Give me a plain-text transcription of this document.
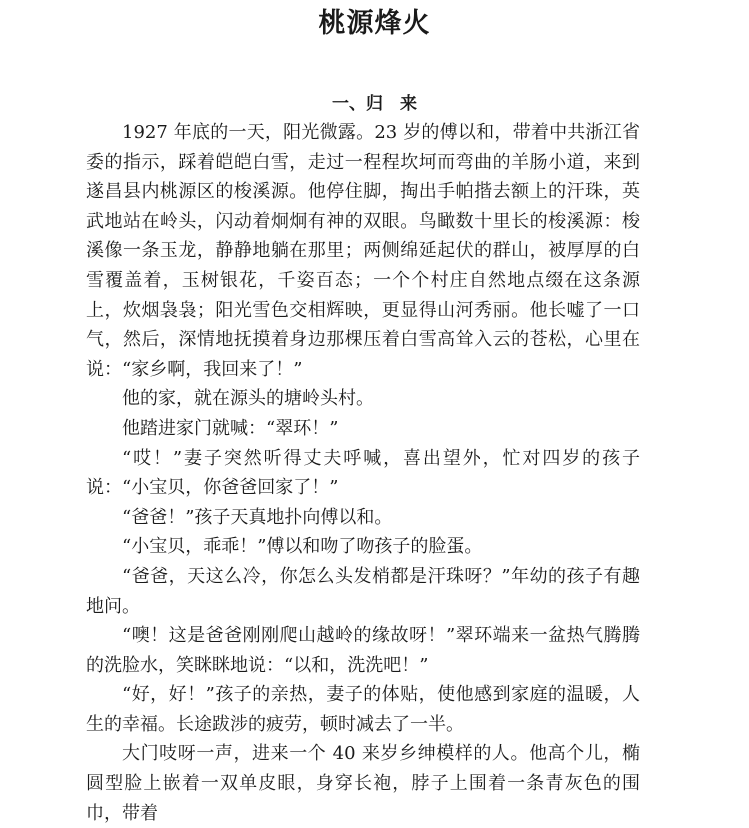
桃源烽火
一、归　来

1927 年底的一天，阳光微露。23 岁的傅以和，带着中共浙江省委的指示，踩着皑皑白雪，走过一程程坎坷而弯曲的羊肠小道，来到遂昌县内桃源区的梭溪源。他停住脚，掏出手帕揩去额上的汗珠，英武地站在岭头，闪动着炯炯有神的双眼。鸟瞰数十里长的梭溪源：梭溪像一条玉龙，静静地躺在那里；两侧绵延起伏的群山，被厚厚的白雪覆盖着，玉树银花，千姿百态；一个个村庄自然地点缀在这条源上，炊烟袅袅；阳光雪色交相辉映，更显得山河秀丽。他长嘘了一口气，然后，深情地抚摸着身边那棵压着白雪高耸入云的苍松，心里在说：“家乡啊，我回来了！”

他的家，就在源头的塘岭头村。

他踏进家门就喊：“翠环！”

“哎！”妻子突然听得丈夫呼喊，喜出望外，忙对四岁的孩子说：“小宝贝，你爸爸回家了！”

“爸爸！”孩子天真地扑向傅以和。

“小宝贝，乖乖！”傅以和吻了吻孩子的脸蛋。

“爸爸，天这么冷，你怎么头发梢都是汗珠呀？”年幼的孩子有趣地问。

“噢！这是爸爸刚刚爬山越岭的缘故呀！”翠环端来一盆热气腾腾的洗脸水，笑眯眯地说：“以和，洗洗吧！”

“好，好！”孩子的亲热，妻子的体贴，使他感到家庭的温暖，人生的幸福。长途跋涉的疲劳，顿时减去了一半。

大门吱呀一声，进来一个 40 来岁乡绅模样的人。他高个儿，椭圆型脸上嵌着一双单皮眼，身穿长袍，脖子上围着一条青灰色的围巾，带着
